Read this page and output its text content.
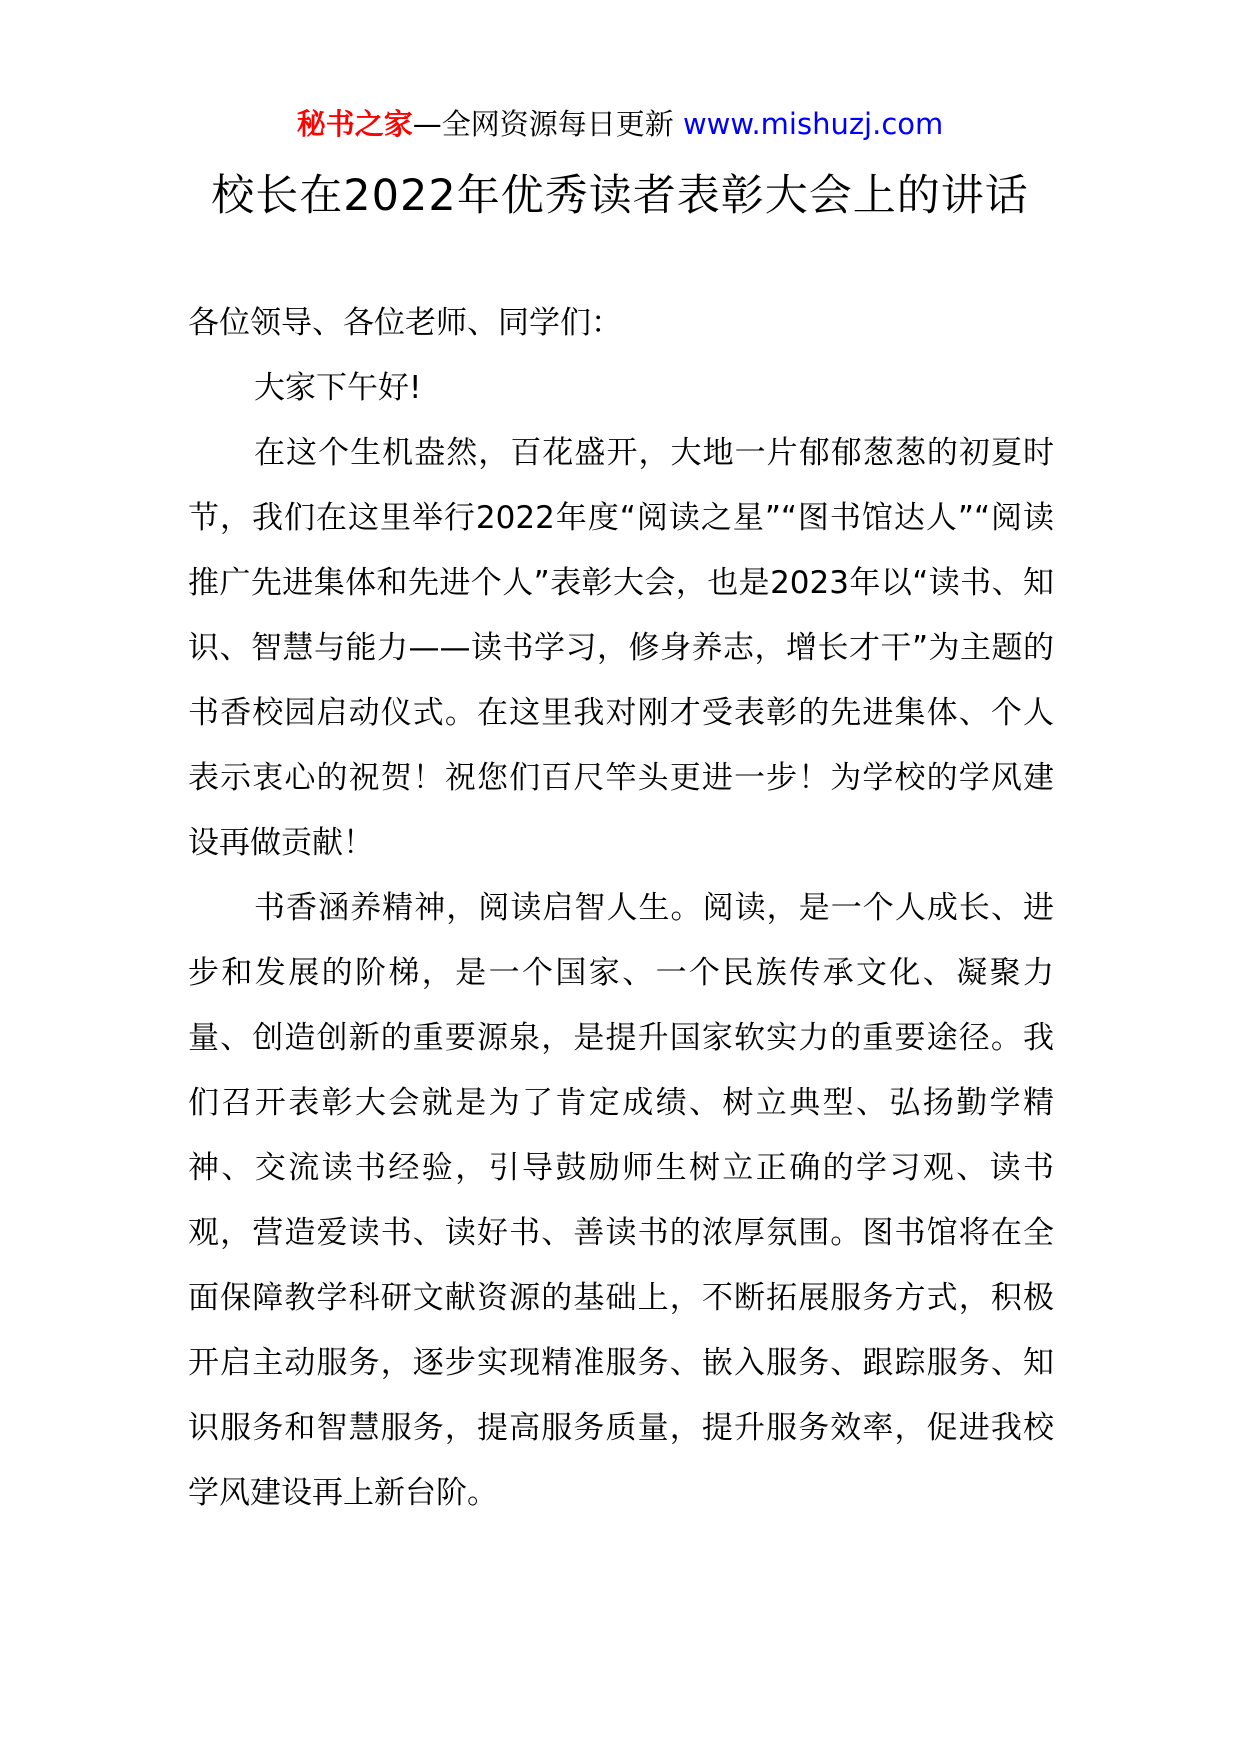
秘书之家—全网资源每日更新 www.mishuzj.com
校长在2022年优秀读者表彰大会上的讲话

各位领导、各位老师、同学们：

大家下午好!

在这个生机盎然，百花盛开，大地一片郁郁葱葱的初夏时节，我们在这里举行2022年度“阅读之星”“图书馆达人”“阅读推广先进集体和先进个人”表彰大会，也是2023年以“读书、知识、智慧与能力——读书学习，修身养志，增长才干”为主题的书香校园启动仪式。在这里我对刚才受表彰的先进集体、个人表示衷心的祝贺！祝您们百尺竿头更进一步！为学校的学风建设再做贡献！

书香涵养精神，阅读启智人生。阅读，是一个人成长、进步和发展的阶梯，是一个国家、一个民族传承文化、凝聚力量、创造创新的重要源泉，是提升国家软实力的重要途径。我们召开表彰大会就是为了肯定成绩、树立典型、弘扬勤学精神、交流读书经验，引导鼓励师生树立正确的学习观、读书观，营造爱读书、读好书、善读书的浓厚氛围。图书馆将在全面保障教学科研文献资源的基础上，不断拓展服务方式，积极开启主动服务，逐步实现精准服务、嵌入服务、跟踪服务、知识服务和智慧服务，提高服务质量，提升服务效率，促进我校学风建设再上新台阶。
